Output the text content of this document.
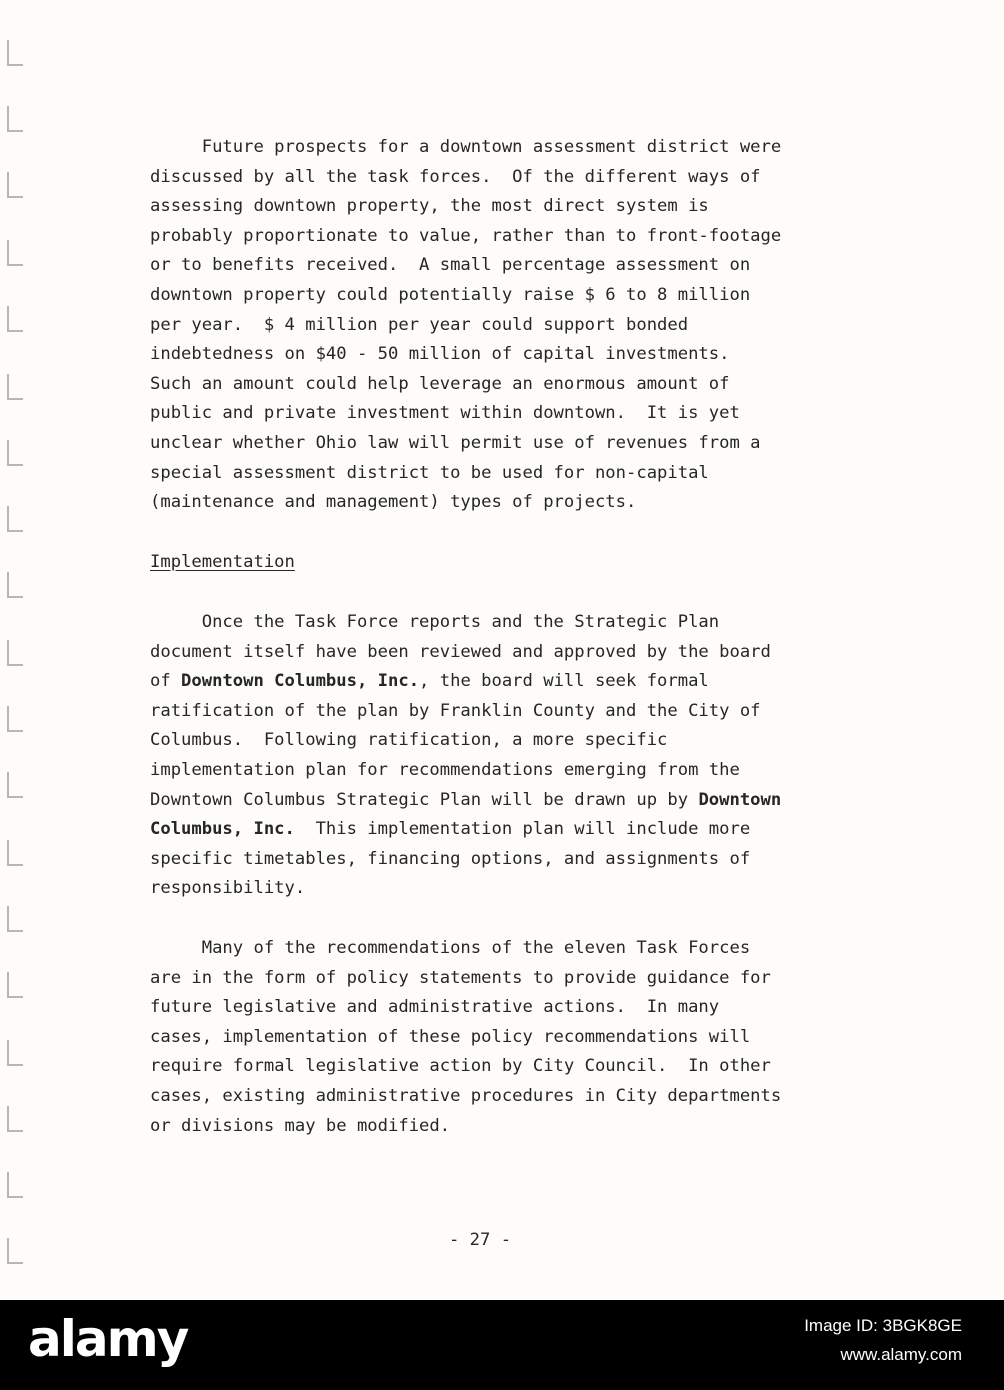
Future prospects for a downtown assessment district were
discussed by all the task forces.  Of the different ways of
assessing downtown property, the most direct system is
probably proportionate to value, rather than to front-footage
or to benefits received.  A small percentage assessment on
downtown property could potentially raise $ 6 to 8 million
per year.  $ 4 million per year could support bonded
indebtedness on $40 - 50 million of capital investments.
Such an amount could help leverage an enormous amount of
public and private investment within downtown.  It is yet
unclear whether Ohio law will permit use of revenues from a
special assessment district to be used for non-capital
(maintenance and management) types of projects.
Implementation
Once the Task Force reports and the Strategic Plan
document itself have been reviewed and approved by the board
of Downtown Columbus, Inc., the board will seek formal
ratification of the plan by Franklin County and the City of
Columbus.  Following ratification, a more specific
implementation plan for recommendations emerging from the
Downtown Columbus Strategic Plan will be drawn up by Downtown
Columbus, Inc.  This implementation plan will include more
specific timetables, financing options, and assignments of
responsibility.
Many of the recommendations of the eleven Task Forces
are in the form of policy statements to provide guidance for
future legislative and administrative actions.  In many
cases, implementation of these policy recommendations will
require formal legislative action by City Council.  In other
cases, existing administrative procedures in City departments
or divisions may be modified.
- 27 -
alamy	Image ID: 3BGK8GE
www.alamy.com
